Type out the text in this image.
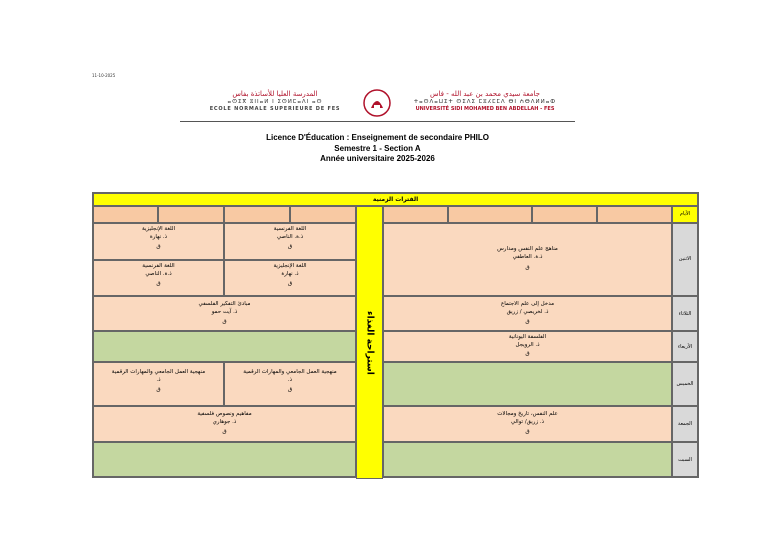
11-10-2025
المدرسة العليا للأساتذة بفاس
ⴰⵙⵉⴳ ⵓⵏⵏⴰⵍ ⵏ ⵉⵙⵍⵎⴰⴷⵏ ⴰⵙ
ECOLE NORMALE SUPERIEURE DE FES
جامعة سيدي محمد بن عبد الله - فاس
ⵜⴰⵙⴷⴰⵡⵉⵜ ⵙⵉⴷⵉ ⵎⵓⵃⵎⵎⴷ ⴱⵏ ⵄⴱⴷⵍⵍⴰⵀ
UNIVERSITÉ SIDI MOHAMED BEN ABDELLAH - FES
Licence D'Éducation : Enseignement de secondaire PHILO
Semestre 1 - Section A
Année universitaire 2025-2026
الفترات الزمنية
الأيام
استراحة الغذاء
اللغة الإنجليزية
ذ. نهارة
ق
اللغة الفرنسية
ذ.ة. الناصي
ق
اللغة الفرنسية
ذ.ة. الناصي
ق
اللغة الإنجليزية
ذ. نهارة
ق
مناهج علم النفس ومدارس
ذ.ة. العاطفي
ق
الاثنين
مبادئ التفكير الفلسفي
ذ. آيت حمو
ق
مدخل إلى علم الاجتماع
ذ. لخريصي / زريق
ق
الثلاثاء
الفلسفة اليونانية
ذ. الرويجل
ق
الأربعاء
منهجية العمل الجامعي والمهارات الرقمية
ذ.
ق
منهجية العمل الجامعي والمهارات الرقمية
ذ.
ق
الخميس
مفاهيم ونصوص فلسفية
ذ. جوهاري
ق
علم النفس، تاريخ ومجالات
ذ. زريق/ توالي
ق
الجمعة
السبت
